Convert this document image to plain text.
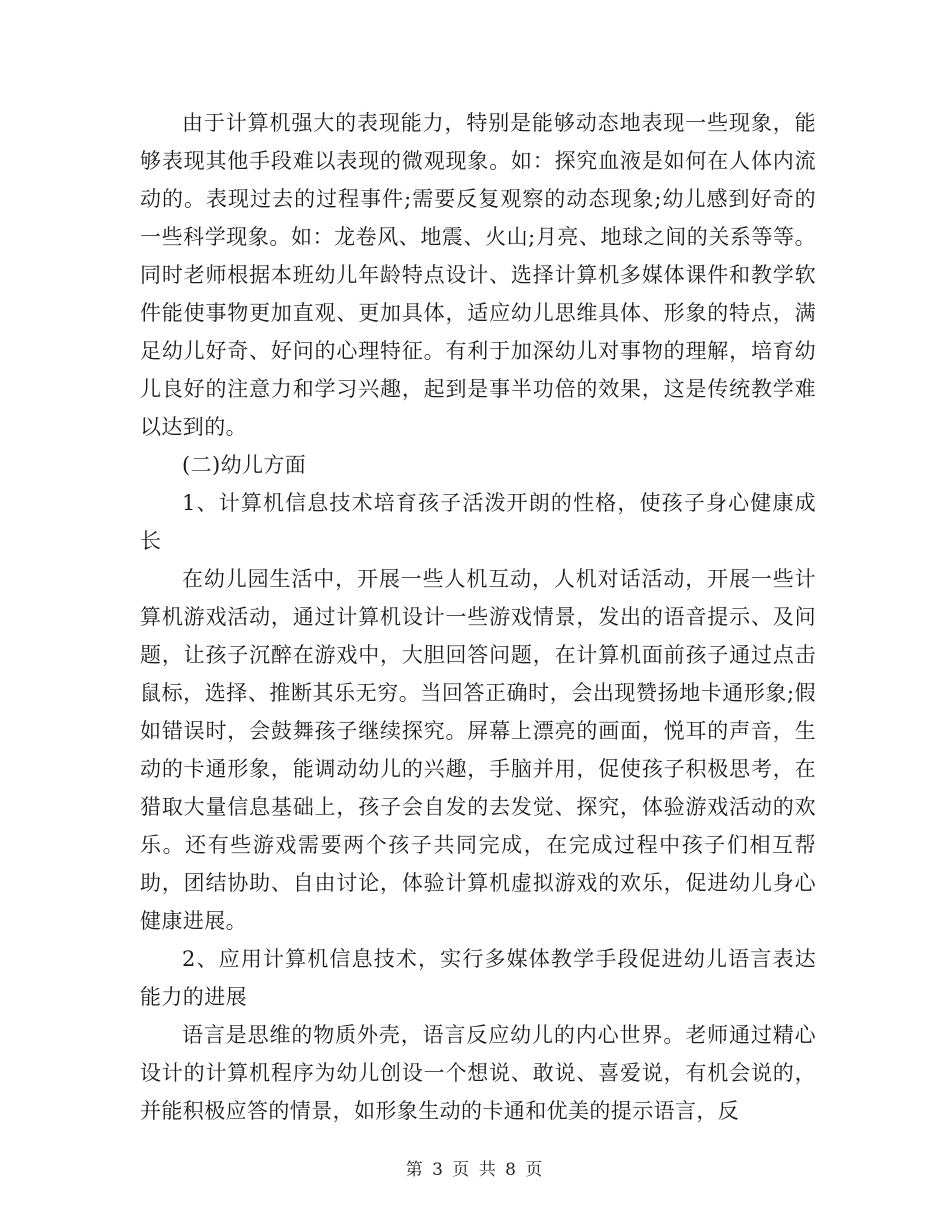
由于计算机强大的表现能力，特别是能够动态地表现一些现象，能够表现其他手段难以表现的微观现象。如：探究血液是如何在人体内流动的。表现过去的过程事件;需要反复观察的动态现象;幼儿感到好奇的一些科学现象。如：龙卷风、地震、火山;月亮、地球之间的关系等等。同时老师根据本班幼儿年龄特点设计、选择计算机多媒体课件和教学软件能使事物更加直观、更加具体，适应幼儿思维具体、形象的特点，满足幼儿好奇、好问的心理特征。有利于加深幼儿对事物的理解，培育幼儿良好的注意力和学习兴趣，起到是事半功倍的效果，这是传统教学难以达到的。

(二)幼儿方面

1、计算机信息技术培育孩子活泼开朗的性格，使孩子身心健康成长

在幼儿园生活中，开展一些人机互动，人机对话活动，开展一些计算机游戏活动，通过计算机设计一些游戏情景，发出的语音提示、及问题，让孩子沉醉在游戏中，大胆回答问题，在计算机面前孩子通过点击鼠标，选择、推断其乐无穷。当回答正确时，会出现赞扬地卡通形象;假如错误时，会鼓舞孩子继续探究。屏幕上漂亮的画面，悦耳的声音，生动的卡通形象，能调动幼儿的兴趣，手脑并用，促使孩子积极思考，在猎取大量信息基础上，孩子会自发的去发觉、探究，体验游戏活动的欢乐。还有些游戏需要两个孩子共同完成，在完成过程中孩子们相互帮助，团结协助、自由讨论，体验计算机虚拟游戏的欢乐，促进幼儿身心健康进展。

2、应用计算机信息技术，实行多媒体教学手段促进幼儿语言表达能力的进展

语言是思维的物质外壳，语言反应幼儿的内心世界。老师通过精心设计的计算机程序为幼儿创设一个想说、敢说、喜爱说，有机会说的，并能积极应答的情景，如形象生动的卡通和优美的提示语言，反

第 3 页 共 8 页
